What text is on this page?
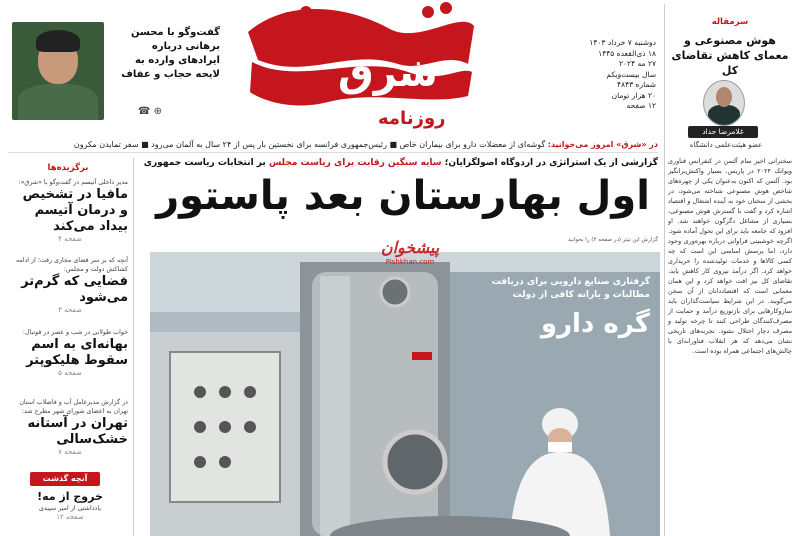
شرق
روزنامه
گفت‌وگو با محسن برهانی درباره ایرادهای وارده به لایحه حجاب و عفاف
☎ ⊕
دوشنبه ۷ خرداد ۱۴۰۳
۱۸ ذی‌القعده ۱۴۴۵
۲۷ مه ۲۰۲۴
سال بیست‌ویکم
شماره ۴۸۴۳
۲۰ هزار تومان
۱۲ صفحه
سرمقاله
هوش مصنوعی و معمای کاهش تقاضای کل
غلامرضا حداد
عضو هیئت‌علمی دانشگاه
سخنرانی اخیر سام آلتمن در کنفرانس فناوری ویواتک ۲۰۲۴ در پاریس، بسیار واکنش‌برانگیز بود. آلتمن که اکنون به‌عنوان یکی از چهره‌های شاخص هوش مصنوعی شناخته می‌شود، در بخشی از سخنان خود به آینده اشتغال و اقتصاد اشاره کرد و گفت با گسترش هوش مصنوعی، بسیاری از مشاغل دگرگون خواهند شد. او افزود که جامعه باید برای این تحول آماده شود. اگرچه خوشبینی فراوانی درباره بهره‌وری وجود دارد، اما پرسش اساسی این است که چه کسی کالاها و خدمات تولیدشده را خریداری خواهد کرد. اگر درآمد نیروی کار کاهش یابد، تقاضای کل نیز افت خواهد کرد و این همان معمایی است که اقتصاددانان از آن سخن می‌گویند. در این شرایط سیاست‌گذاران باید سازوکارهایی برای بازتوزیع درآمد و حمایت از مصرف‌کنندگان طراحی کنند تا چرخه تولید و مصرف دچار اختلال نشود. تجربه‌های تاریخی نشان می‌دهد که هر انقلاب فناورانه‌ای با چالش‌های اجتماعی همراه بوده است.
در «شرق» امروز می‌خوانید: گوشه‌ای از معضلات دارو برای بیماران خاص ■ رئیس‌جمهوری فرانسه برای نخستین بار پس از ۲۴ سال به آلمان می‌رود ■ سفر تمایدن مکرون
برگزیده‌ها
مدیر داخلی آتیسم در گفت‌وگو با «شرق»:
مافیا در تشخیص و درمان آتیسم بیداد می‌کند
صفحه ۴
آنچه که بر سر فضای مجازی رفت؛ از ادامه کشاکش دولت و مجلس:
فضایی که گرم‌تر می‌شود
صفحه ۳
خواب طولانی در شب و عصر در فوتبال:
بهانه‌ای به اسم سقوط هلیکوپتر
صفحه ۵
در گزارش مدیرعامل آب و فاضلاب استان تهران به اعضای شورای شهر مطرح شد:
تهران در آستانه خشک‌سالی
صفحه ۷
آنچه گذشت
خروج از مه!
یادداشتی از امیر سپیدی
صفحه ۱۲
گزارشی از یک استراتژی در اردوگاه اصولگرایان؛ سایه سنگین رقابت برای ریاست مجلس بر انتخابات ریاست جمهوری
اول بهارستان بعد پاستور
گزارش این تیتر (در صفحه ۲) را بخوانید
پیشخوان
Pishkhan.com
گرفتاری صنایع دارویی برای دریافت مطالبات و یارانه کافی از دولت
گره دارو
